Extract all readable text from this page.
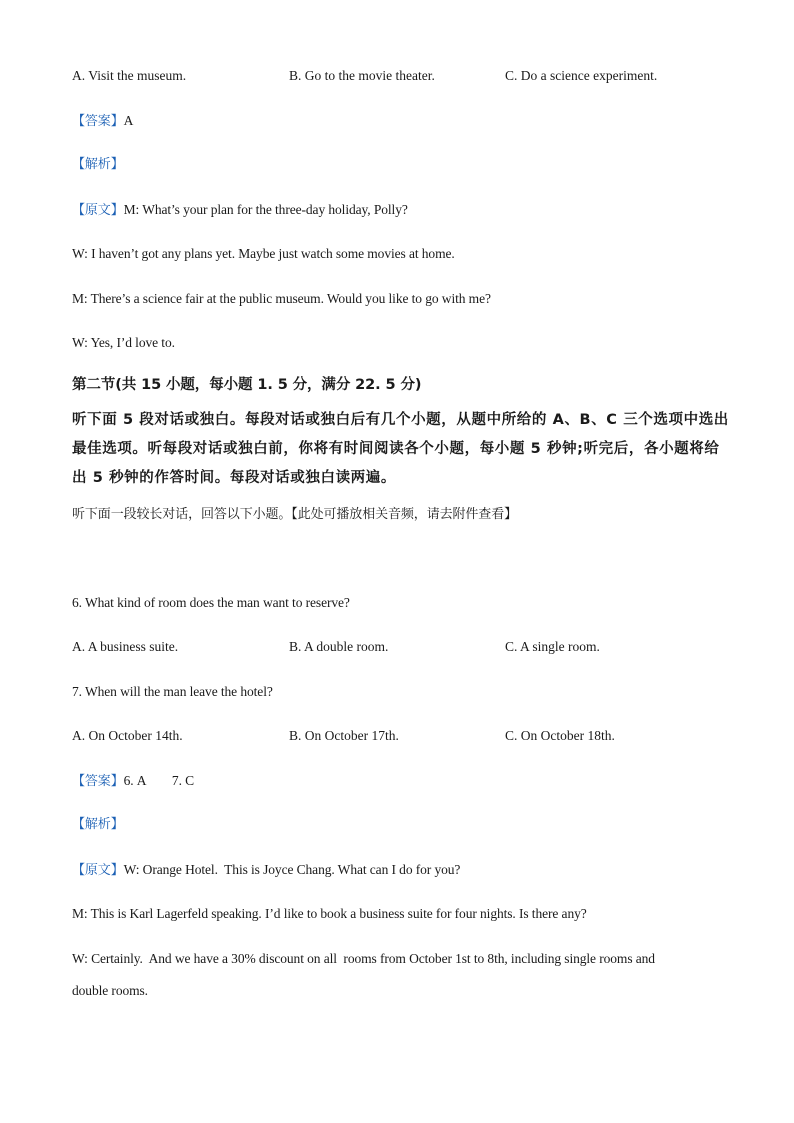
A. Visit the museum.	B. Go to the movie theater.	C. Do a science experiment.
【答案】A
【解析】
【原文】M: What’s your plan for the three-day holiday, Polly?
W: I haven’t got any plans yet. Maybe just watch some movies at home.
M: There’s a science fair at the public museum. Would you like to go with me?
W: Yes, I’d love to.
第二节(共 15 小题，每小题 1. 5 分，满分 22. 5 分)
听下面 5 段对话或独白。每段对话或独白后有几个小题，从题中所给的 A、B、C 三个选项中选出最佳选项。听每段对话或独白前，你将有时间阅读各个小题，每小题 5 秒钟;听完后，各小题将给出 5 秒钟的作答时间。每段对话或独白读两遍。
听下面一段较长对话，回答以下小题。【此处可播放相关音频，请去附件查看】
6. What kind of room does the man want to reserve?
A. A business suite.	B. A double room.	C. A single room.
7. When will the man leave the hotel?
A. On October 14th.	B. On October 17th.	C. On October 18th.
【答案】6. A        7. C
【解析】
【原文】W: Orange Hotel.  This is Joyce Chang. What can I do for you?
M: This is Karl Lagerfeld speaking. I’d like to book a business suite for four nights. Is there any?
W: Certainly.  And we have a 30% discount on all  rooms from October 1st to 8th, including single rooms and
double rooms.
